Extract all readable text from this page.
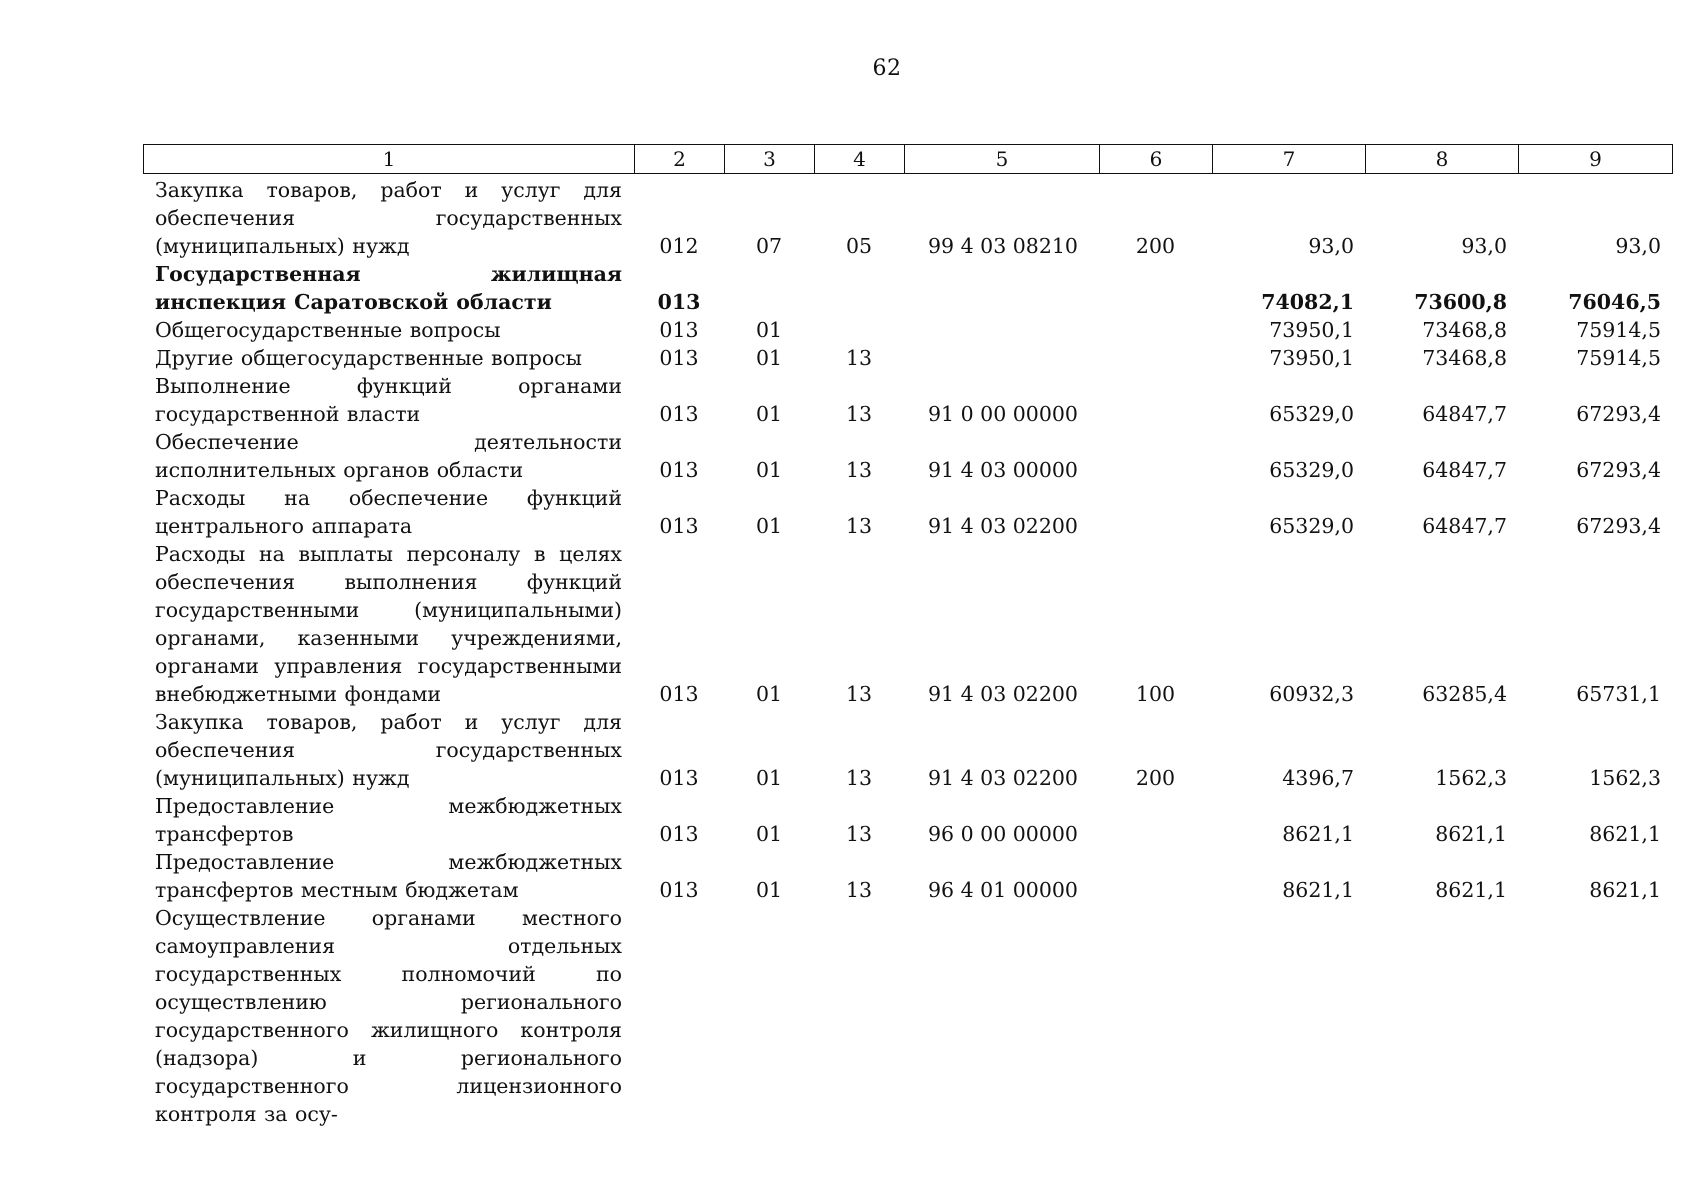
62
1	2	3	4	5	6	7	8	9
Закупка товаров, работ и услуг для обеспечения государственных (муниципальных) нужд	012	07	05	99 4 03 08210	200	93,0	93,0	93,0
Государственная жилищная инспекция Саратовской области	013					74082,1	73600,8	76046,5
Общегосударственные вопросы	013	01				73950,1	73468,8	75914,5
Другие общегосударственные вопросы	013	01	13			73950,1	73468,8	75914,5
Выполнение функций органами государственной власти	013	01	13	91 0 00 00000		65329,0	64847,7	67293,4
Обеспечение деятельности исполнительных органов области	013	01	13	91 4 03 00000		65329,0	64847,7	67293,4
Расходы на обеспечение функций центрального аппарата	013	01	13	91 4 03 02200		65329,0	64847,7	67293,4
Расходы на выплаты персоналу в целях обеспечения выполнения функций государственными (муниципальными) органами, казенными учреждениями, органами управления государственными внебюджетными фондами	013	01	13	91 4 03 02200	100	60932,3	63285,4	65731,1
Закупка товаров, работ и услуг для обеспечения государственных (муниципальных) нужд	013	01	13	91 4 03 02200	200	4396,7	1562,3	1562,3
Предоставление межбюджетных трансфертов	013	01	13	96 0 00 00000		8621,1	8621,1	8621,1
Предоставление межбюджетных трансфертов местным бюджетам	013	01	13	96 4 01 00000		8621,1	8621,1	8621,1
Осуществление органами местного самоуправления отдельных государственных полномочий по осуществлению регионального государственного жилищного контроля (надзора) и регионального государственного лицензионного контроля за осу-								
